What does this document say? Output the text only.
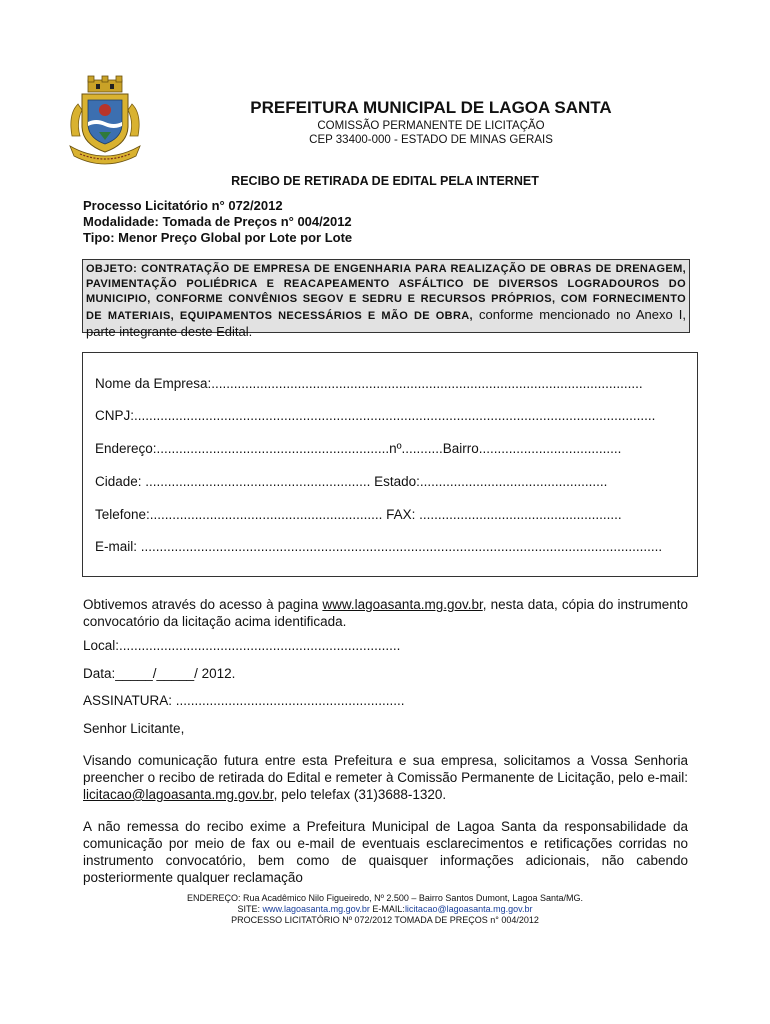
PREFEITURA MUNICIPAL DE LAGOA SANTA
COMISSÃO PERMANENTE DE LICITAÇÃO
CEP 33400-000 - ESTADO DE MINAS GERAIS
RECIBO DE RETIRADA DE EDITAL PELA INTERNET
Processo Licitatório n° 072/2012
Modalidade: Tomada de Preços n° 004/2012
Tipo: Menor Preço Global por Lote por Lote
OBJETO: CONTRATAÇÃO DE EMPRESA DE ENGENHARIA PARA REALIZAÇÃO DE OBRAS DE DRENAGEM, PAVIMENTAÇÃO POLIÉDRICA E REACAPEAMENTO ASFÁLTICO DE DIVERSOS LOGRADOUROS DO MUNICIPIO, CONFORME CONVÊNIOS SEGOV E SEDRU E RECURSOS PRÓPRIOS, COM FORNECIMENTO DE MATERIAIS, EQUIPAMENTOS NECESSÁRIOS E MÃO DE OBRA, conforme mencionado no Anexo I, parte integrante deste Edital.
Nome da Empresa:...................................................................................................................
CNPJ:...........................................................................................................................................
Endereço:..............................................................nº...........Bairro......................................
Cidade: ............................................................ Estado:..................................................
Telefone:.............................................................. FAX: ......................................................
E-mail: ...........................................................................................................................................
Obtivemos através do acesso à pagina www.lagoasanta.mg.gov.br, nesta data, cópia do instrumento convocatório da licitação acima identificada.
Local:...........................................................................
Data:_____/_____/ 2012.
ASSINATURA: .............................................................
Senhor Licitante,
Visando comunicação futura entre esta Prefeitura e sua empresa, solicitamos a Vossa Senhoria preencher o recibo de retirada do Edital e remeter à Comissão Permanente de Licitação, pelo e-mail: licitacao@lagoasanta.mg.gov.br, pelo telefax (31)3688-1320.
A não remessa do recibo exime a Prefeitura Municipal de Lagoa Santa da responsabilidade da comunicação por meio de fax ou e-mail de eventuais esclarecimentos e retificações corridas no instrumento convocatório, bem como de quaisquer informações adicionais, não cabendo posteriormente qualquer reclamação
ENDEREÇO: Rua Acadêmico Nilo Figueiredo, Nº 2.500 – Bairro Santos Dumont, Lagoa Santa/MG.
SITE: www.lagoasanta.mg.gov.br E-MAIL:licitacao@lagoasanta.mg.gov.br
PROCESSO LICITATÓRIO Nº 072/2012 TOMADA DE PREÇOS n° 004/2012
